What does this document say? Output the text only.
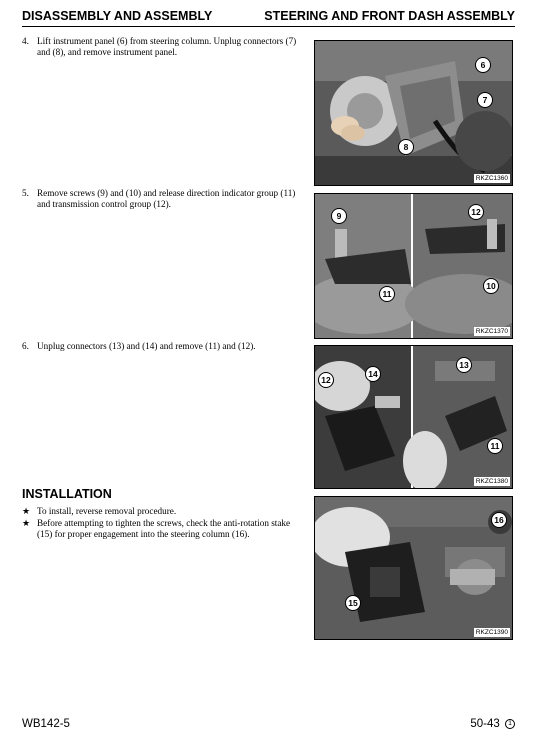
DISASSEMBLY AND ASSEMBLY	STEERING AND FRONT DASH ASSEMBLY
4. Lift instrument panel (6) from steering column. Unplug connectors (7) and (8), and remove instrument panel.
5. Remove screws (9) and (10) and release direction indicator group (11) and transmission control group (12).
6. Unplug connectors (13) and (14) and remove (11) and (12).
INSTALLATION
★ To install, reverse removal procedure.
★ Before attempting to tighten the screws, check the anti-rotation stake (15) for proper engagement into the steering column (16).
6
7
8
RKZC1360
9
11
12
10
RKZC1370
12
14
13
11
RKZC1380
16
15
RKZC1390
WB142-5	50-43 1
